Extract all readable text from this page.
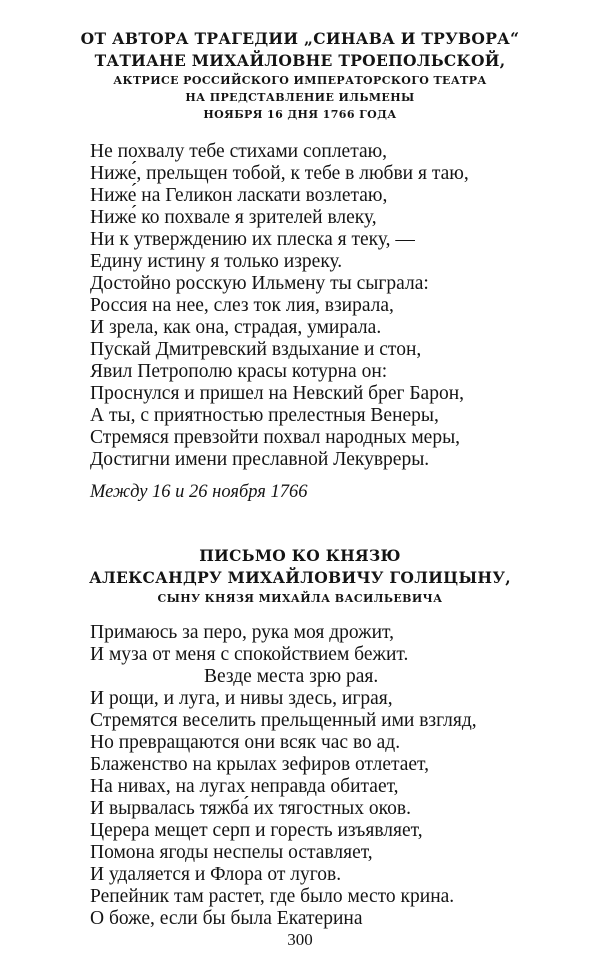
ОТ АВТОРА ТРАГЕДИИ „СИНАВА И ТРУВОРА“
ТАТИАНЕ МИХАЙЛОВНЕ ТРОЕПОЛЬСКОЙ,
АКТРИСЕ РОССИЙСКОГО ИМПЕРАТОРСКОГО ТЕАТРА
НА ПРЕДСТАВЛЕНИЕ ИЛЬМЕНЫ
НОЯБРЯ 16 ДНЯ 1766 ГОДА
Не похвалу тебе стихами соплетаю,
Ниже́, прельщен тобой, к тебе в любви я таю,
Ниже́ на Геликон ласкати возлетаю,
Ниже́ ко похвале я зрителей влеку,
Ни к утверждению их плеска я теку, —
Едину истину я только изреку.
Достойно росскую Ильмену ты сыграла:
Россия на нее, слез ток лия, взирала,
И зрела, как она, страдая, умирала.
Пускай Дмитревский вздыхание и стон,
Явил Петрополю красы котурна он:
Проснулся и пришел на Невский брег Барон,
А ты, с приятностью прелестныя Венеры,
Стремяся превзойти похвал народных меры,
Достигни имени преславной Лекувреры.
Между 16 и 26 ноября 1766
ПИСЬМО КО КНЯЗЮ
АЛЕКСАНДРУ МИХАЙЛОВИЧУ ГОЛИЦЫНУ,
СЫНУ КНЯЗЯ МИХАЙЛА ВАСИЛЬЕВИЧА
Примаюсь за перо, рука моя дрожит,
И муза от меня с спокойствием бежит.
Везде места зрю рая.
И рощи, и луга, и нивы здесь, играя,
Стремятся веселить прельщенный ими взгляд,
Но превращаются они всяк час во ад.
Блаженство на крылах зефиров отлетает,
На нивах, на лугах неправда обитает,
И вырвалась тяжба́ их тягостных оков.
Церера мещет серп и горесть изъявляет,
Помона ягоды неспелы оставляет,
И удаляется и Флора от лугов.
Репейник там растет, где было место крина.
О боже, если бы была Екатерина
300
